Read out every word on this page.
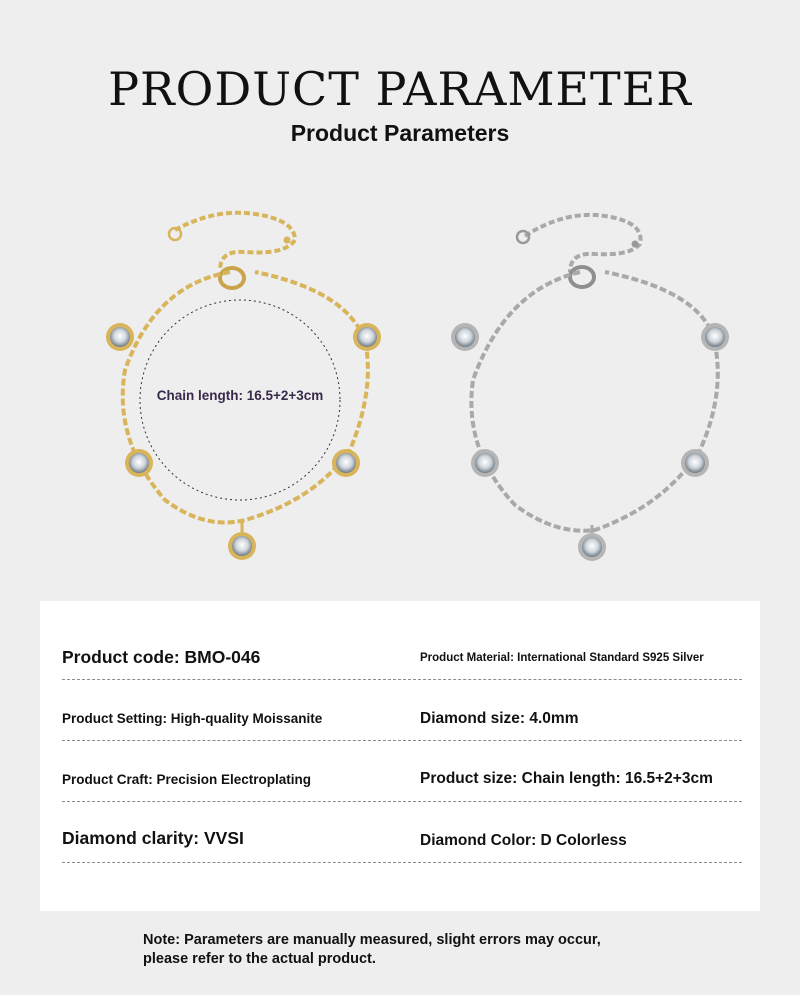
PRODUCT PARAMETER
Product Parameters
Chain length: 16.5+2+3cm
Product code: BMO-046	Product Material: International Standard S925 Silver
Product Setting: High-quality Moissanite	Diamond size: 4.0mm
Product Craft: Precision Electroplating	Product size: Chain length: 16.5+2+3cm
Diamond clarity: VVSI	Diamond Color: D Colorless
Note: Parameters are manually measured, slight errors may occur,
please refer to the actual product.
